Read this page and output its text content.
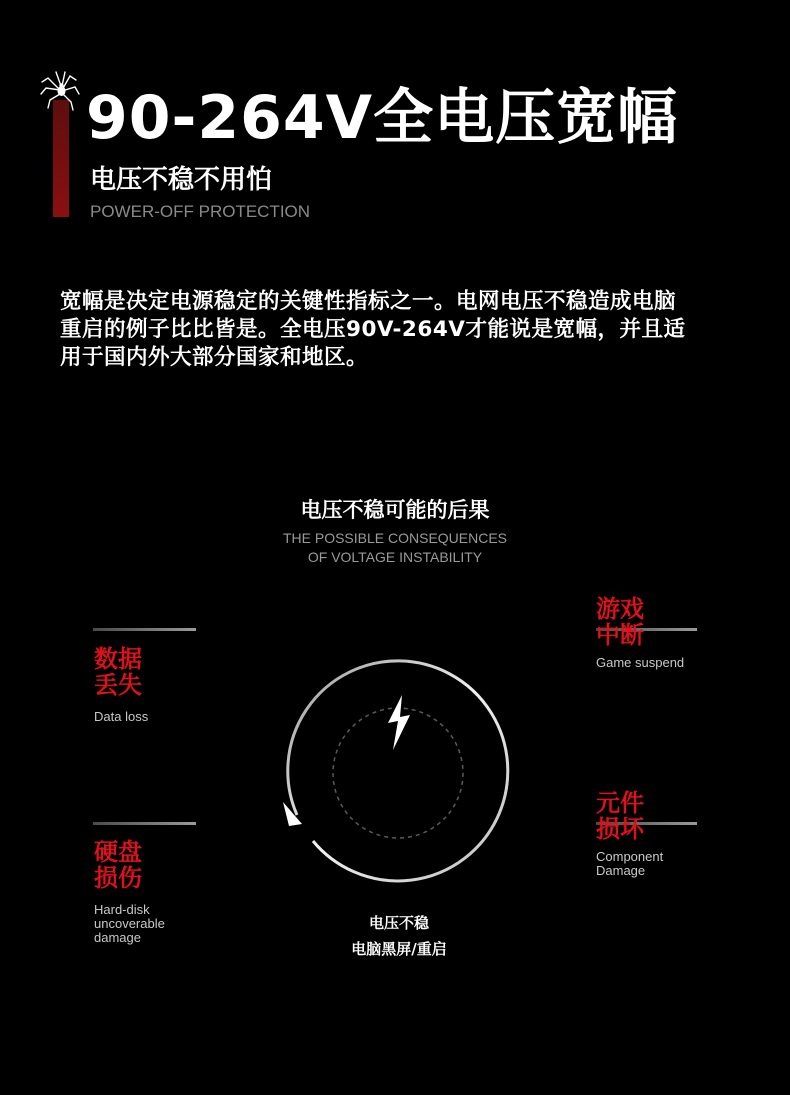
90-264V全电压宽幅
电压不稳不用怕
POWER-OFF PROTECTION
宽幅是决定电源稳定的关键性指标之一。电网电压不稳造成电脑
重启的例子比比皆是。全电压90V-264V才能说是宽幅，并且适
用于国内外大部分国家和地区。
电压不稳可能的后果
THE POSSIBLE CONSEQUENCES
OF VOLTAGE INSTABILITY
数据
丢失
Data loss
硬盘
损伤
Hard-disk
uncoverable
damage
游戏
中断
Game suspend
元件
损坏
Component
Damage
电压不稳
电脑黑屏/重启
